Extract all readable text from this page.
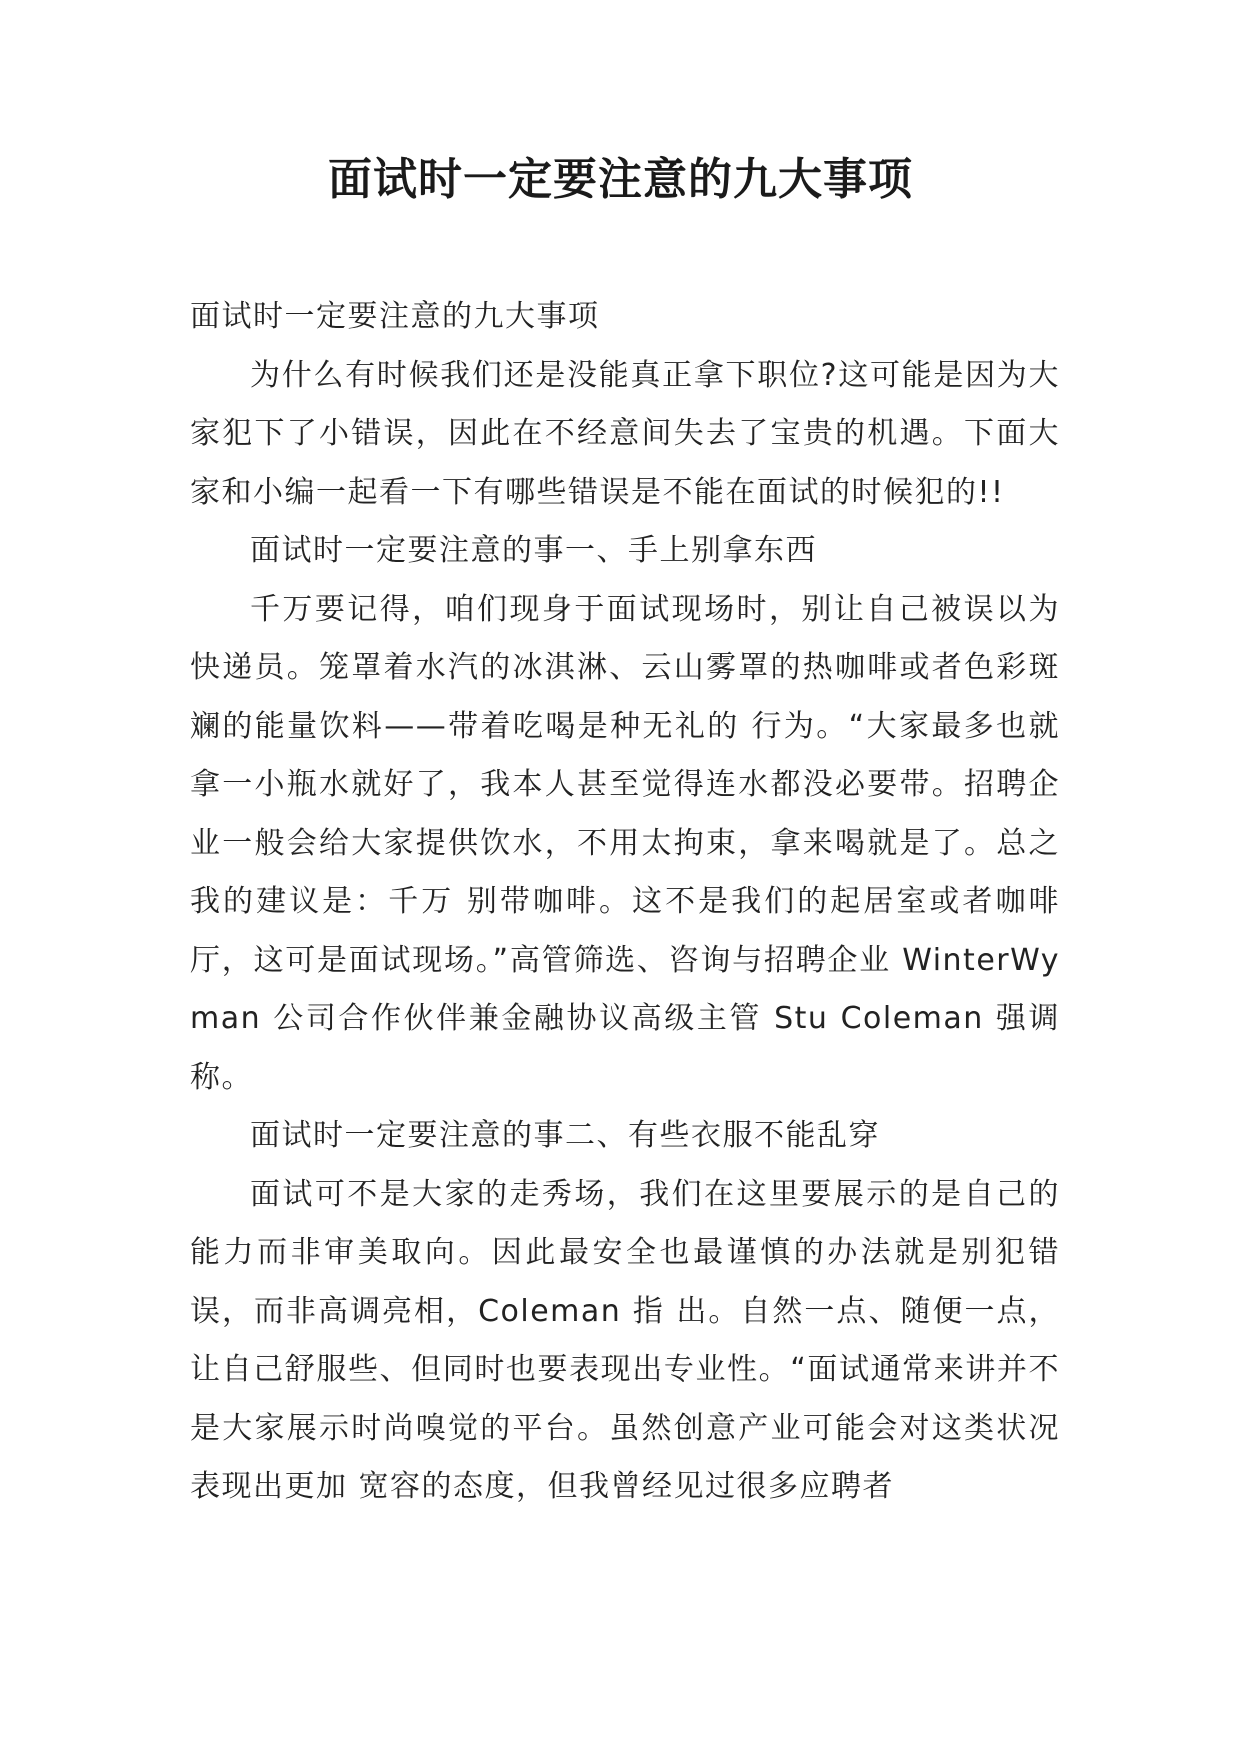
面试时一定要注意的九大事项

面试时一定要注意的九大事项

为什么有时候我们还是没能真正拿下职位?这可能是因为大家犯下了小错误，因此在不经意间失去了宝贵的机遇。下面大家和小编一起看一下有哪些错误是不能在面试的时候犯的!!

面试时一定要注意的事一、手上别拿东西

千万要记得，咱们现身于面试现场时，别让自己被误以为快递员。笼罩着水汽的冰淇淋、云山雾罩的热咖啡或者色彩斑斓的能量饮料——带着吃喝是种无礼的 行为。“大家最多也就拿一小瓶水就好了，我本人甚至觉得连水都没必要带。招聘企业一般会给大家提供饮水，不用太拘束，拿来喝就是了。总之我的建议是：千万 别带咖啡。这不是我们的起居室或者咖啡厅，这可是面试现场。”高管筛选、咨询与招聘企业 WinterWyman 公司合作伙伴兼金融协议高级主管 Stu Coleman 强调称。

面试时一定要注意的事二、有些衣服不能乱穿

面试可不是大家的走秀场，我们在这里要展示的是自己的能力而非审美取向。因此最安全也最谨慎的办法就是别犯错误，而非高调亮相，Coleman 指 出。自然一点、随便一点，让自己舒服些、但同时也要表现出专业性。“面试通常来讲并不是大家展示时尚嗅觉的平台。虽然创意产业可能会对这类状况表现出更加 宽容的态度，但我曾经见过很多应聘者
